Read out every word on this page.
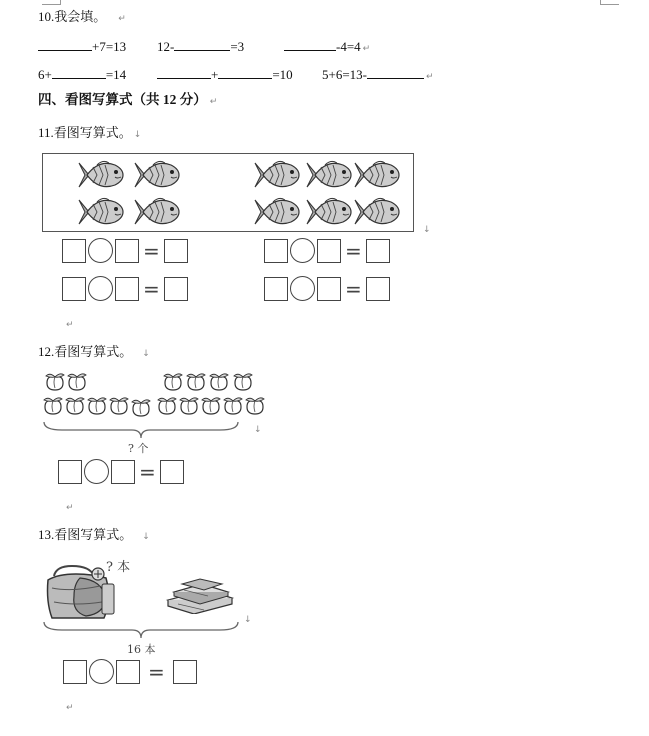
10.我会填。 ↵
+7=13 12-	=3	-4=4 ↵
6+	=14	+	=10 5+6=13-	↵
四、看图写算式（共 12 分） ↵
11.看图写算式。 ↓
↓
=	=
=	=
↵
12.看图写算式。 ↓
? 个
↓
=
↵
13.看图写算式。 ↓
? 本
16 本
↓
=
↵
